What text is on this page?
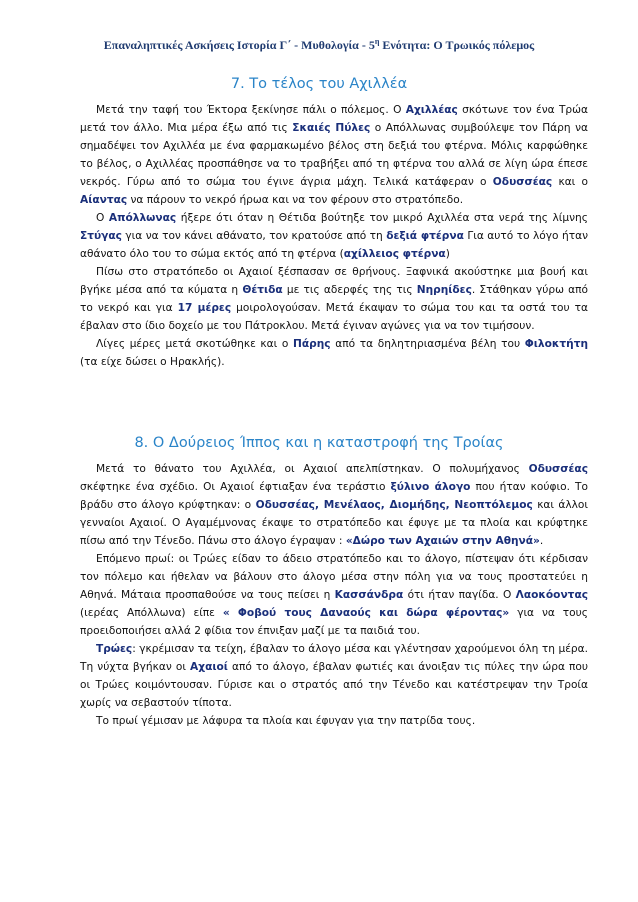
Επαναληπτικές Ασκήσεις Ιστορία Γ΄ - Μυθολογία - $5^\eta$ Ενότητα: Ο Τρωικός πόλεμος
7. Το τέλος του Αχιλλέα

Μετά την ταφή του Έκτορα ξεκίνησε πάλι ο πόλεμος. Ο Αχιλλέας σκότωνε τον ένα Τρώα μετά τον άλλο. Μια μέρα έξω από τις Σκαιές Πύλες ο Απόλλωνας συμβούλεψε τον Πάρη να σημαδέψει τον Αχιλλέα με ένα φαρμακωμένο βέλος στη δεξιά του φτέρνα. Μόλις καρφώθηκε το βέλος, ο Αχιλλέας προσπάθησε να το τραβήξει από τη φτέρνα του αλλά σε λίγη ώρα έπεσε νεκρός. Γύρω από το σώμα του έγινε άγρια μάχη. Τελικά κατάφεραν ο Οδυσσέας και ο Αίαντας να πάρουν το νεκρό ήρωα και να τον φέρουν στο στρατόπεδο.

Ο Απόλλωνας ήξερε ότι όταν η Θέτιδα βούτηξε τον μικρό Αχιλλέα στα νερά της λίμνης Στύγας για να τον κάνει αθάνατο, τον κρατούσε από τη δεξιά φτέρνα Για αυτό το λόγο ήταν αθάνατο όλο του το σώμα εκτός από τη φτέρνα (αχίλλειος φτέρνα)

Πίσω στο στρατόπεδο οι Αχαιοί ξέσπασαν σε θρήνους. Ξαφνικά ακούστηκε μια βουή και βγήκε μέσα από τα κύματα η Θέτιδα με τις αδερφές της τις Νηρηίδες. Στάθηκαν γύρω από το νεκρό και για 17 μέρες μοιρολογούσαν. Μετά έκαψαν το σώμα του και τα οστά του τα έβαλαν στο ίδιο δοχείο με του Πάτροκλου. Μετά έγιναν αγώνες για να τον τιμήσουν.

Λίγες μέρες μετά σκοτώθηκε και ο Πάρης από τα δηλητηριασμένα βέλη του Φιλοκτήτη (τα είχε δώσει ο Ηρακλής).

8. Ο Δούρειος Ίππος και η καταστροφή της Τροίας

Μετά το θάνατο του Αχιλλέα, οι Αχαιοί απελπίστηκαν. Ο πολυμήχανος Οδυσσέας σκέφτηκε ένα σχέδιο. Οι Αχαιοί έφτιαξαν ένα τεράστιο ξύλινο άλογο που ήταν κούφιο. Το βράδυ στο άλογο κρύφτηκαν: ο Οδυσσέας, Μενέλαος, Διομήδης, Νεοπτόλεμος και άλλοι γενναίοι Αχαιοί. Ο Αγαμέμνονας έκαψε το στρατόπεδο και έφυγε με τα πλοία και κρύφτηκε πίσω από την Τένεδο. Πάνω στο άλογο έγραψαν : «Δώρο των Αχαιών στην Αθηνά».

Επόμενο πρωί: οι Τρώες είδαν το άδειο στρατόπεδο και το άλογο, πίστεψαν ότι κέρδισαν τον πόλεμο και ήθελαν να βάλουν στο άλογο μέσα στην πόλη για να τους προστατεύει η Αθηνά. Μάταια προσπαθούσε να τους πείσει η Κασσάνδρα ότι ήταν παγίδα. Ο Λαοκόοντας (ιερέας Απόλλωνα) είπε « Φοβού τους Δαναούς και δώρα φέροντας» για να τους προειδοποιήσει αλλά 2 φίδια τον έπνιξαν μαζί με τα παιδιά του.

Τρώες: γκρέμισαν τα τείχη, έβαλαν το άλογο μέσα και γλέντησαν χαρούμενοι όλη τη μέρα. Τη νύχτα βγήκαν οι Αχαιοί από το άλογο, έβαλαν φωτιές και άνοιξαν τις πύλες την ώρα που οι Τρώες κοιμόντουσαν. Γύρισε και ο στρατός από την Τένεδο και κατέστρεψαν την Τροία χωρίς να σεβαστούν τίποτα.

Το πρωί γέμισαν με λάφυρα τα πλοία και έφυγαν για την πατρίδα τους.
